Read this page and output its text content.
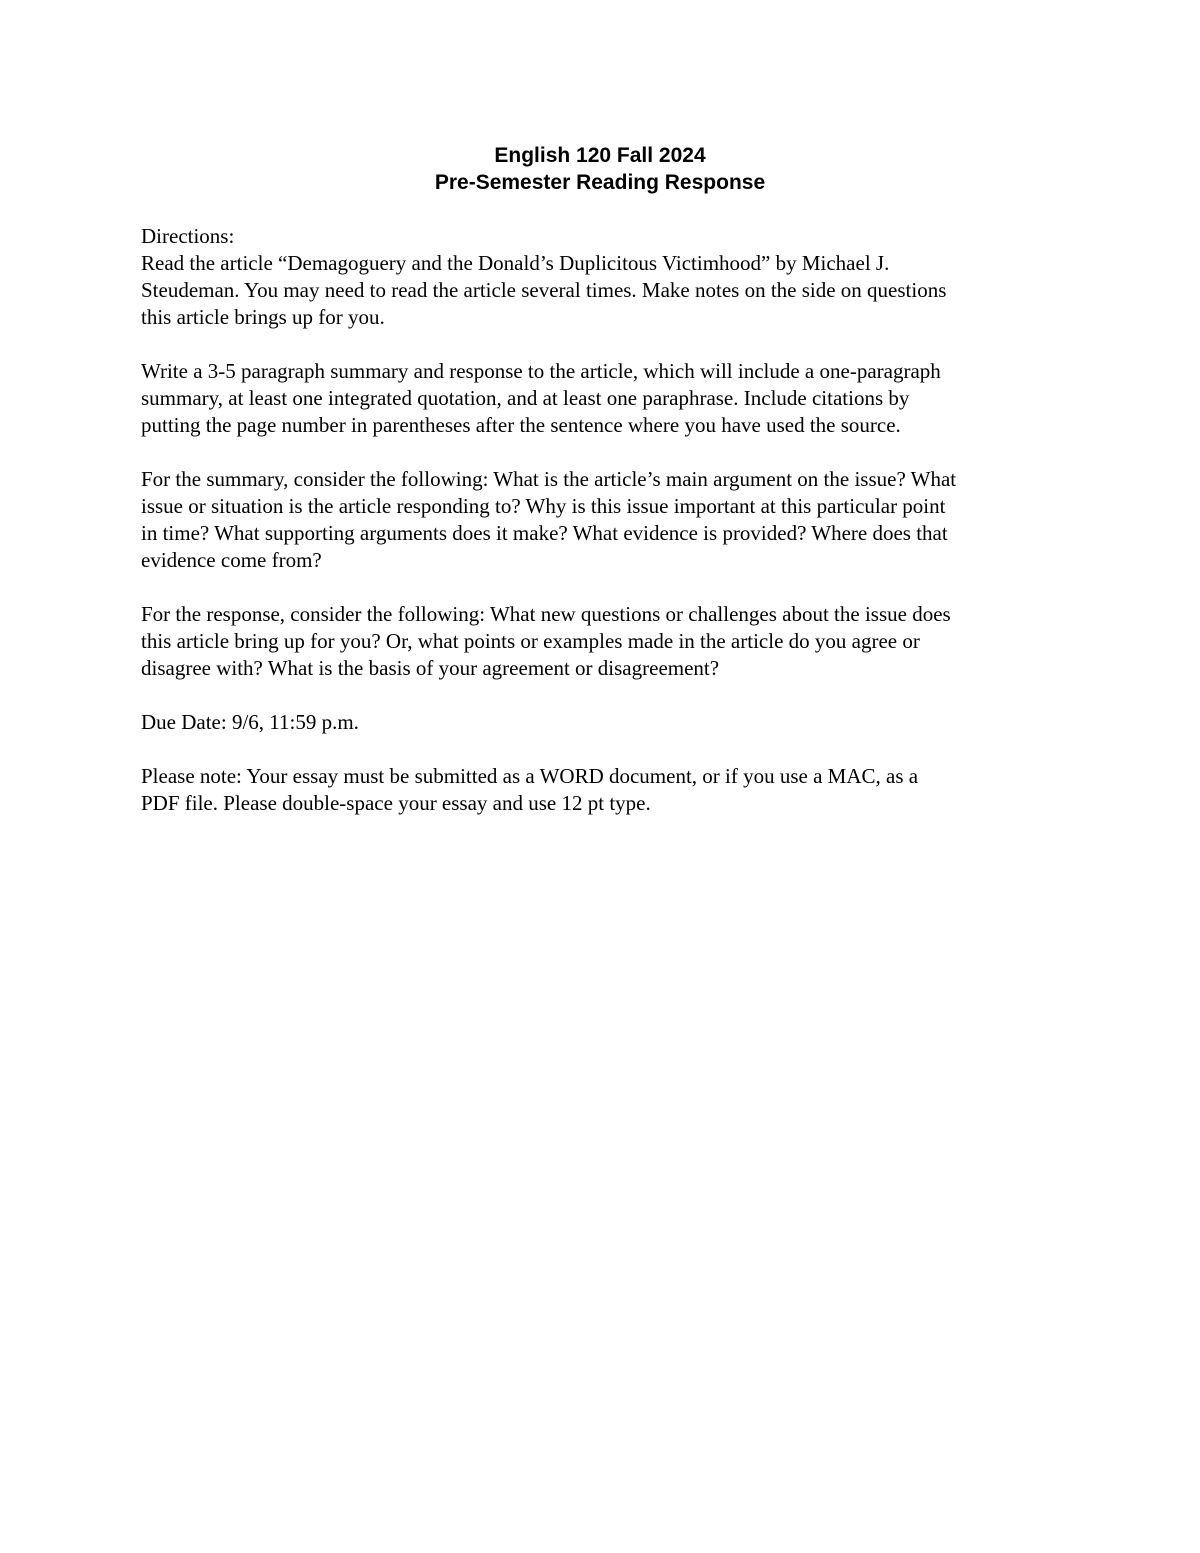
English 120 Fall 2024
Pre-Semester Reading Response
Directions:
Read the article “Demagoguery and the Donald’s Duplicitous Victimhood” by Michael J.
Steudeman. You may need to read the article several times. Make notes on the side on questions
this article brings up for you.
Write a 3-5 paragraph summary and response to the article, which will include a one-paragraph
summary, at least one integrated quotation, and at least one paraphrase. Include citations by
putting the page number in parentheses after the sentence where you have used the source.
For the summary, consider the following: What is the article’s main argument on the issue? What
issue or situation is the article responding to? Why is this issue important at this particular point
in time? What supporting arguments does it make? What evidence is provided? Where does that
evidence come from?
For the response, consider the following: What new questions or challenges about the issue does
this article bring up for you? Or, what points or examples made in the article do you agree or
disagree with? What is the basis of your agreement or disagreement?
Due Date: 9/6, 11:59 p.m.
Please note: Your essay must be submitted as a WORD document, or if you use a MAC, as a
PDF file. Please double-space your essay and use 12 pt type.
